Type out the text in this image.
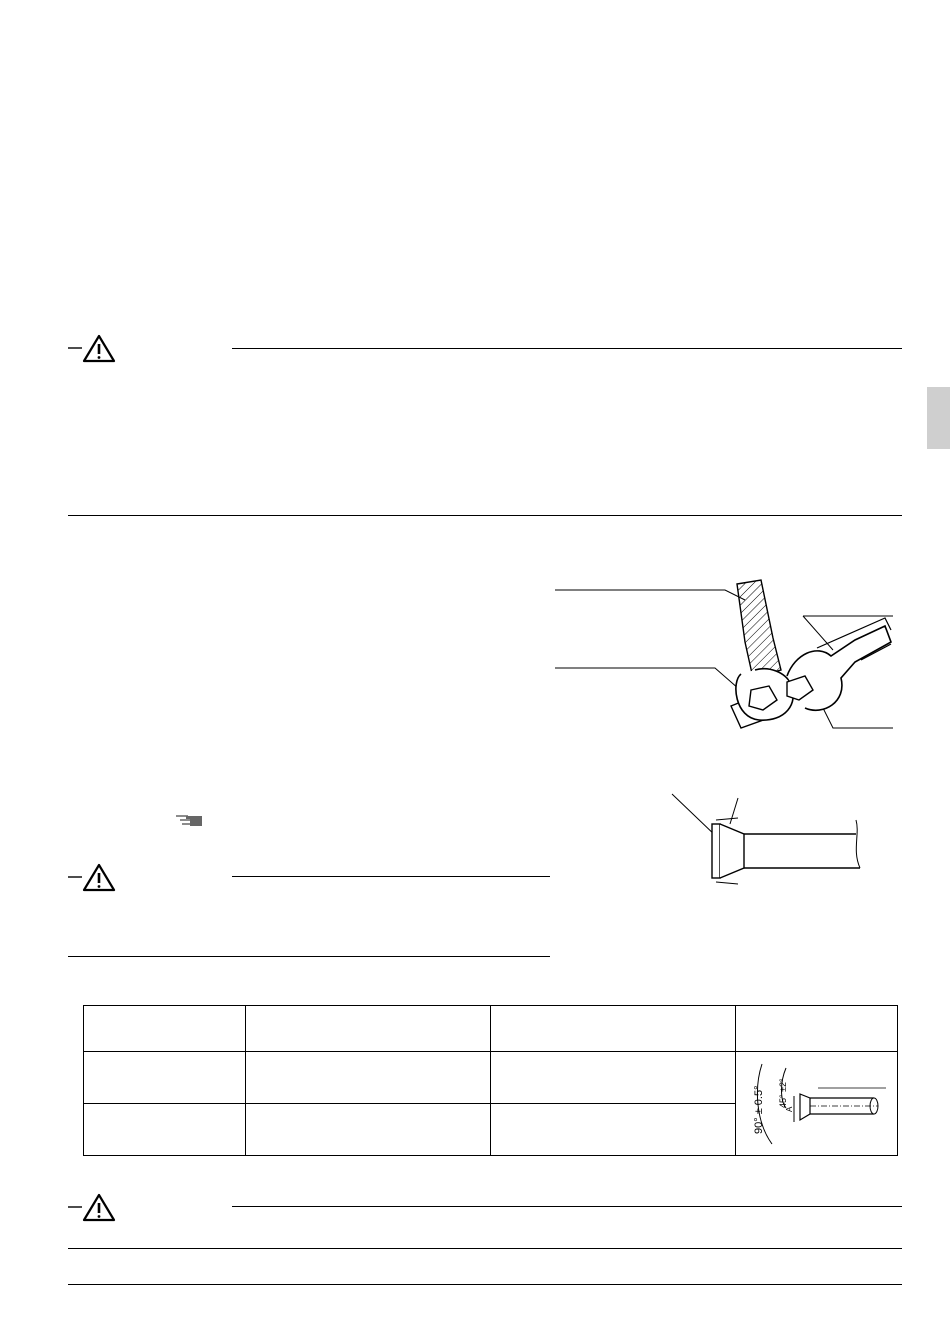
90° ± 0.5° 45° ±2°
A
